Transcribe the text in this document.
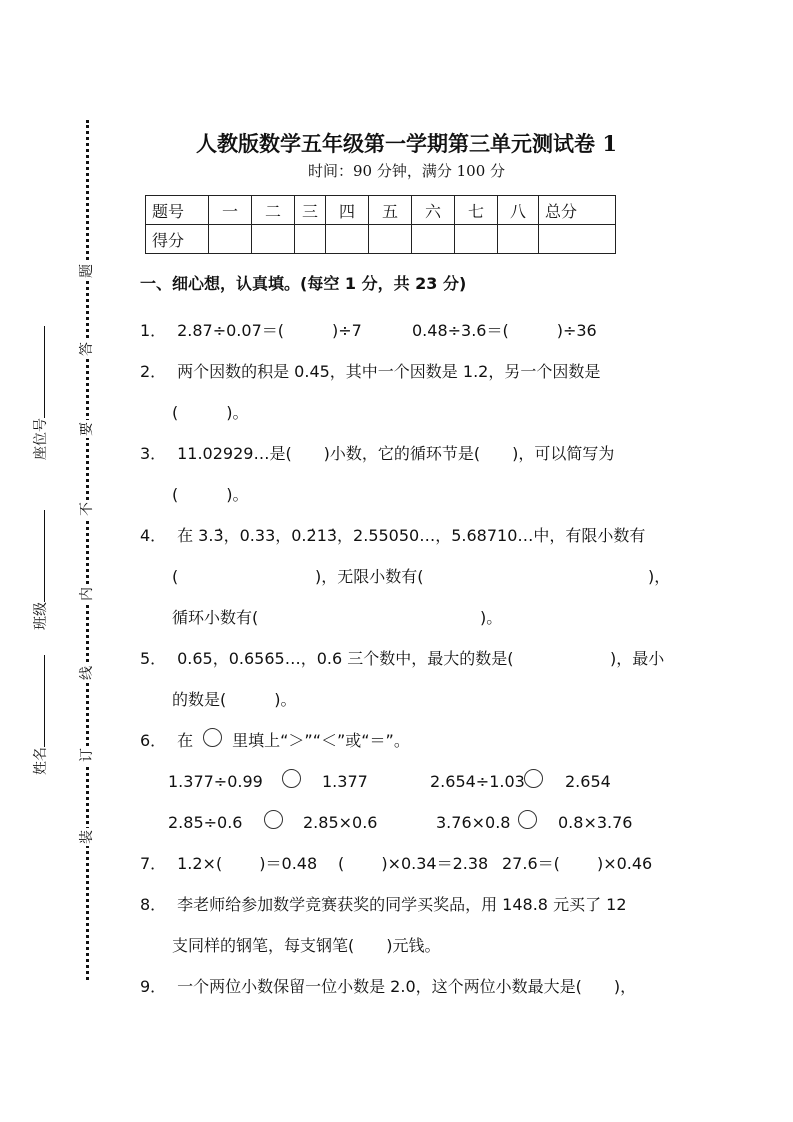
题
答
要
不
内
线
订
装
座位号
班级
姓名
人教版数学五年级第一学期第三单元测试卷 1
时间：90 分钟，满分 100 分
题号	一	二	三	四	五	六	七	八	总分
得分									
一、细心想，认真填。(每空 1 分，共 23 分)
1． 2.87÷0.07＝(　　　)÷7	0.48÷3.6＝(　　　)÷36
2． 两个因数的积是 0.45，其中一个因数是 1.2，另一个因数是
(　　　)。
3． 11.02929…是(　　)小数，它的循环节是(　　)，可以简写为
(　　　)。
4． 在 3.3̇，0.33，0.2̇13̇，2.55050…，5.68710…中，有限小数有
(	)，无限小数有(	)，
循环小数有(	)。
5． 0.65，0.6565…，0.6 三个数中，最大的数是(	)，最小
的数是(　　　)。
6． 在 里填上“＞”“＜”或“＝”。
1.377÷0.99	1.377	2.654÷1.03	2.654
2.85÷0.6	2.85×0.6	3.76×0.8	0.8×3.76
7． 1.2×(　　 )＝0.48 (　　 )×0.34＝2.38 27.6＝(　　 )×0.46
8． 李老师给参加数学竞赛获奖的同学买奖品，用 148.8 元买了 12
支同样的钢笔，每支钢笔(　　)元钱。
9． 一个两位小数保留一位小数是 2.0，这个两位小数最大是(　　)，
